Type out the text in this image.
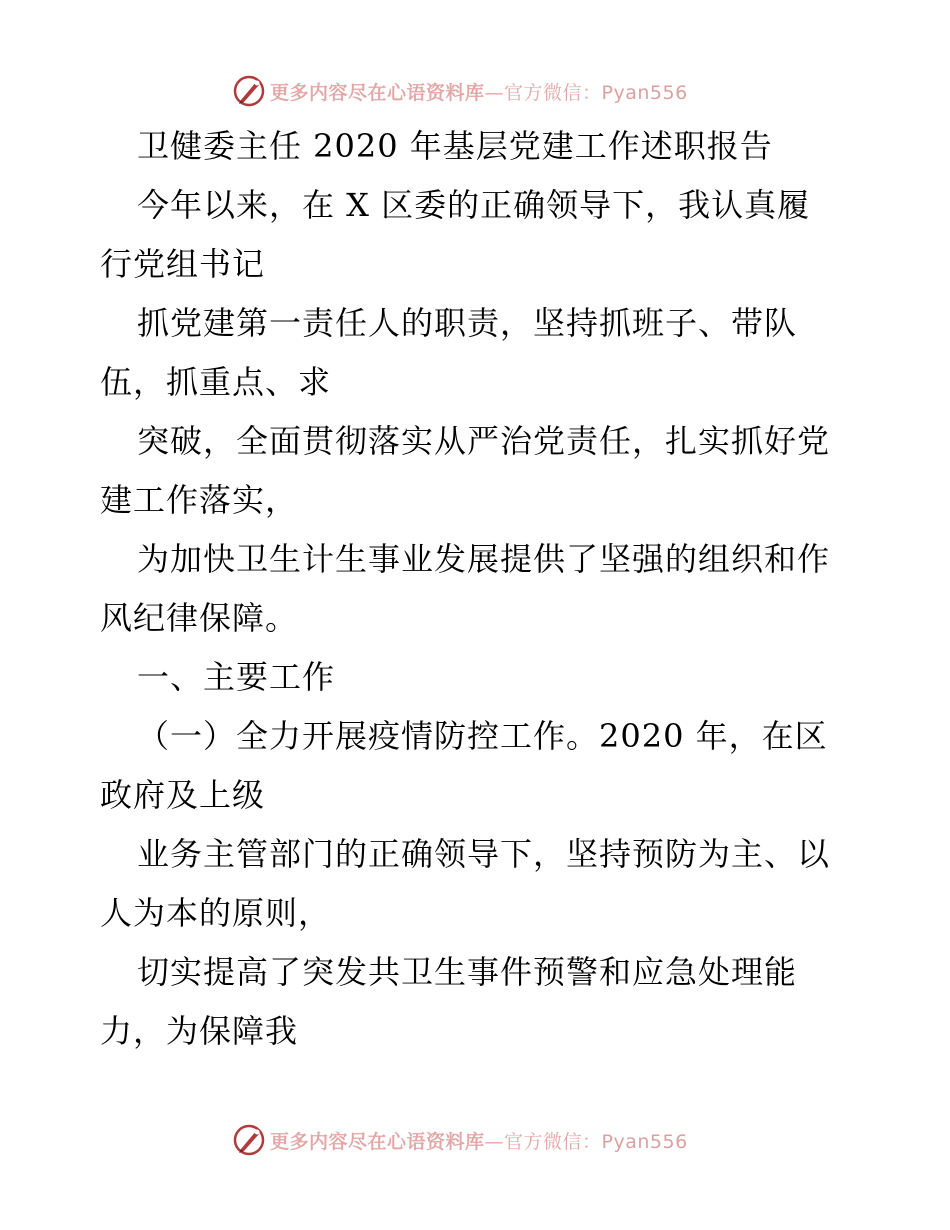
更多内容尽在心语资料库—官方微信：Pyan556
卫健委主任 2020 年基层党建工作述职报告
今年以来，在 X 区委的正确领导下，我认真履
行党组书记
抓党建第一责任人的职责，坚持抓班子、带队
伍，抓重点、求
突破，全面贯彻落实从严治党责任，扎实抓好党
建工作落实，
为加快卫生计生事业发展提供了坚强的组织和作
风纪律保障。
一、主要工作
（一）全力开展疫情防控工作。2020 年，在区
政府及上级
业务主管部门的正确领导下，坚持预防为主、以
人为本的原则，
切实提高了突发共卫生事件预警和应急处理能
力，为保障我
更多内容尽在心语资料库—官方微信：Pyan556
